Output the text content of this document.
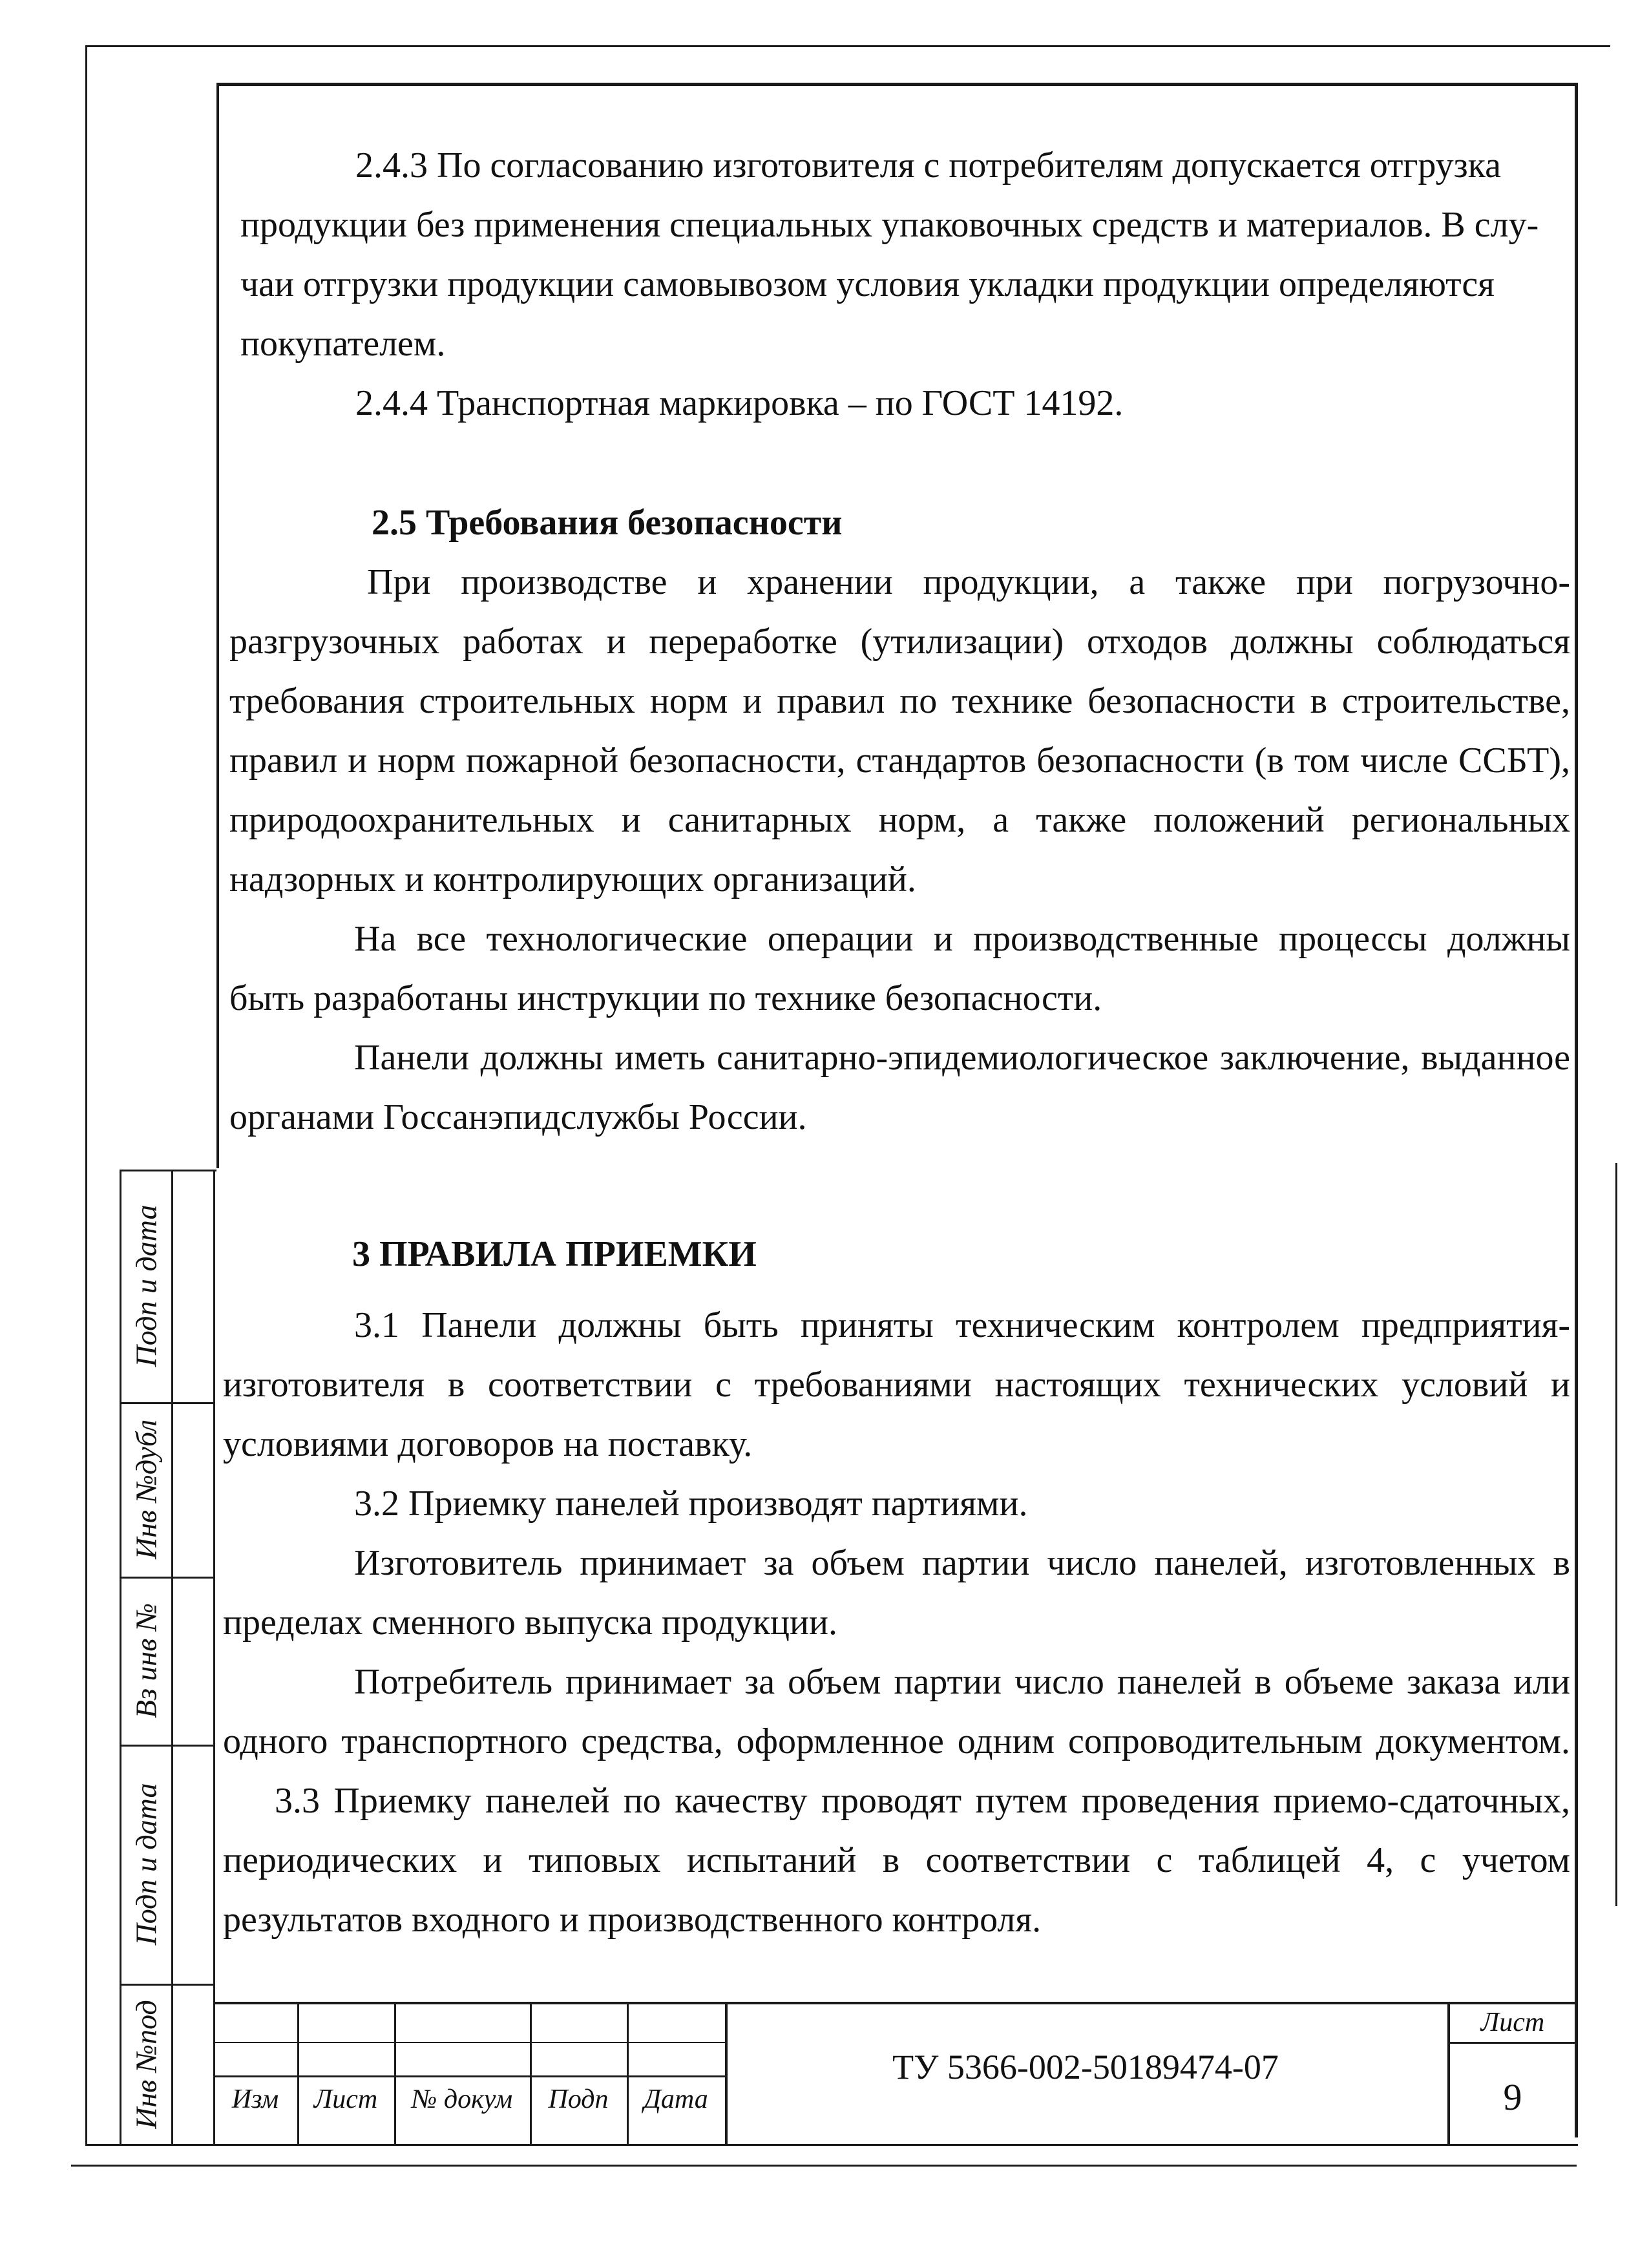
Подп и дата
Инв №дубл
Вз инв №
Подп и дата
Инв №под

2.4.3 По согласованию изготовителя с потребителям допускается отгрузка

продукции без применения специальных упаковочных средств и материалов. В слу-

чаи отгрузки продукции самовывозом условия укладки продукции определяются

покупателем.

2.4.4 Транспортная маркировка – по ГОСТ 14192.

2.5 Требования безопасности

При производстве и хранении продукции, а также при погрузочно-

разгрузочных работах и переработке (утилизации) отходов должны соблюдаться

требования строительных норм и правил по технике безопасности в строительстве,

правил и норм пожарной безопасности, стандартов безопасности (в том числе ССБТ),

природоохранительных и санитарных норм, а также положений региональных

надзорных и контролирующих организаций.

На все технологические операции и производственные процессы должны

быть разработаны инструкции по технике безопасности.

Панели должны иметь санитарно-эпидемиологическое заключение, выданное

органами Госсанэпидслужбы России.

3 ПРАВИЛА ПРИЕМКИ

3.1 Панели должны быть приняты техническим контролем предприятия-

изготовителя в соответствии с требованиями настоящих технических условий и

условиями договоров на поставку.

3.2 Приемку панелей производят партиями.

Изготовитель принимает за объем партии число панелей, изготовленных в

пределах сменного выпуска продукции.

Потребитель принимает за объем партии число панелей в объеме заказа или

одного транспортного средства, оформленное одним сопроводительным документом.

3.3 Приемку панелей по качеству проводят путем проведения приемо-сдаточных,

периодических и типовых испытаний в соответствии с таблицей 4, с учетом

результатов входного и производственного контроля.

Изм Лист № докум Подп Дата
ТУ 5366-002-50189474-07
Лист
9
